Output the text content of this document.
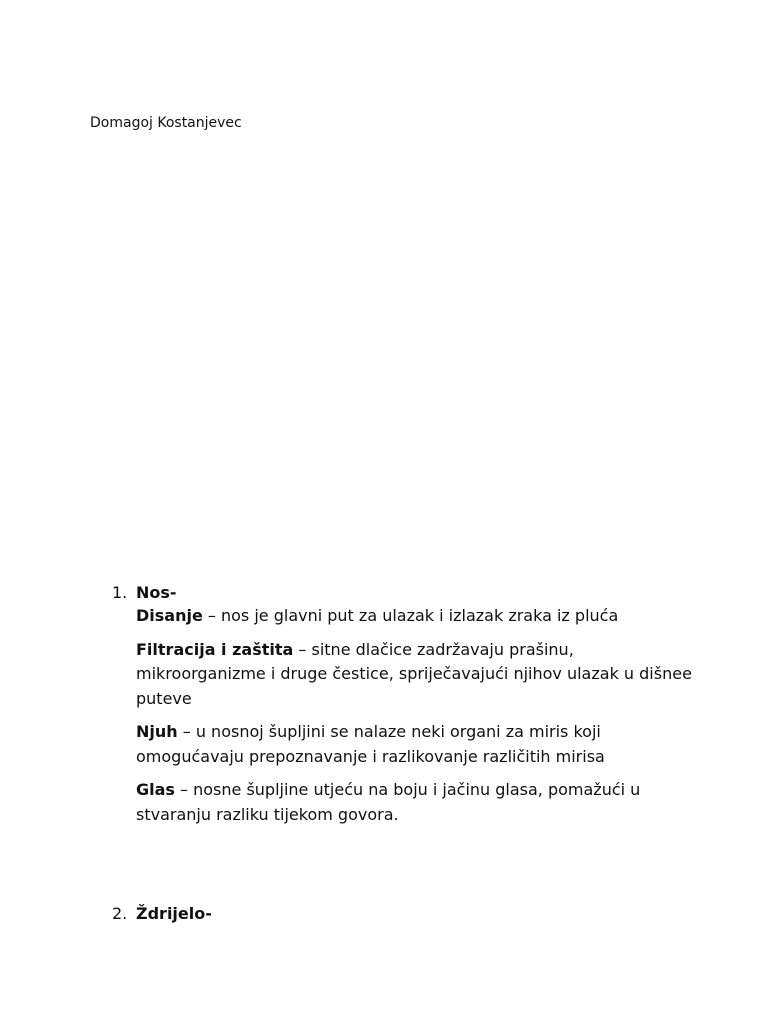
Domagoj Kostanjevec
1. Nos-

Disanje – nos je glavni put za ulazak i izlazak zraka iz pluća

Filtracija i zaštita – sitne dlačice zadržavaju prašinu, mikroorganizme i druge čestice, spriječavajući njihov ulazak u dišnee puteve

Njuh – u nosnoj šupljini se nalaze neki organi za miris koji omogućavaju prepoznavanje i razlikovanje različitih mirisa

Glas – nosne šupljine utjeću na boju i jačinu glasa, pomažući u stvaranju razliku tijekom govora.

2. Ždrijelo-
